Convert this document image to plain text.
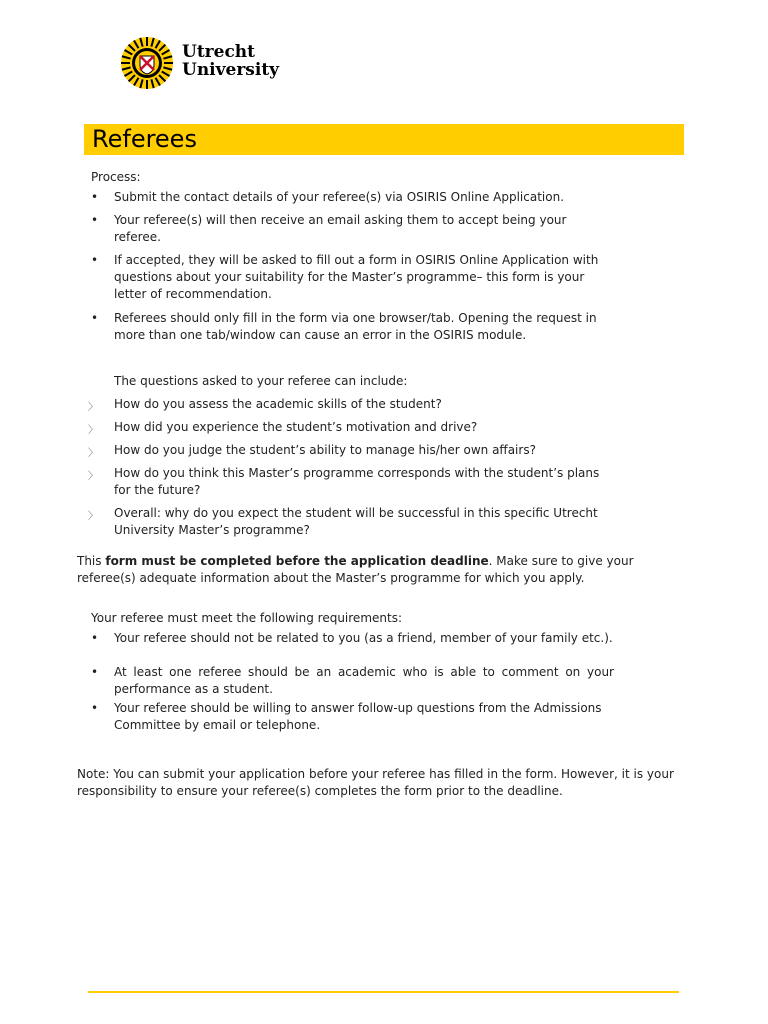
Utrecht
University
Referees

Process:

• Submit the contact details of your referee(s) via OSIRIS Online Application.

• Your referee(s) will then receive an email asking them to accept being your referee.

• If accepted, they will be asked to fill out a form in OSIRIS Online Application with questions about your suitability for the Master’s programme– this form is your letter of recommendation.

• Referees should only fill in the form via one browser/tab. Opening the request in more than one tab/window can cause an error in the OSIRIS module.

The questions asked to your referee can include:

〉 How do you assess the academic skills of the student?

〉 How did you experience the student’s motivation and drive?

〉 How do you judge the student’s ability to manage his/her own affairs?

〉 How do you think this Master’s programme corresponds with the student’s plans for the future?

〉 Overall: why do you expect the student will be successful in this specific Utrecht University Master’s programme?

This form must be completed before the application deadline. Make sure to give your referee(s) adequate information about the Master’s programme for which you apply.

Your referee must meet the following requirements:

• Your referee should not be related to you (as a friend, member of your family etc.).

• At least one referee should be an academic who is able to comment on your performance as a student.

• Your referee should be willing to answer follow-up questions from the Admissions Committee by email or telephone.

Note: You can submit your application before your referee has filled in the form. However, it is your responsibility to ensure your referee(s) completes the form prior to the deadline.
